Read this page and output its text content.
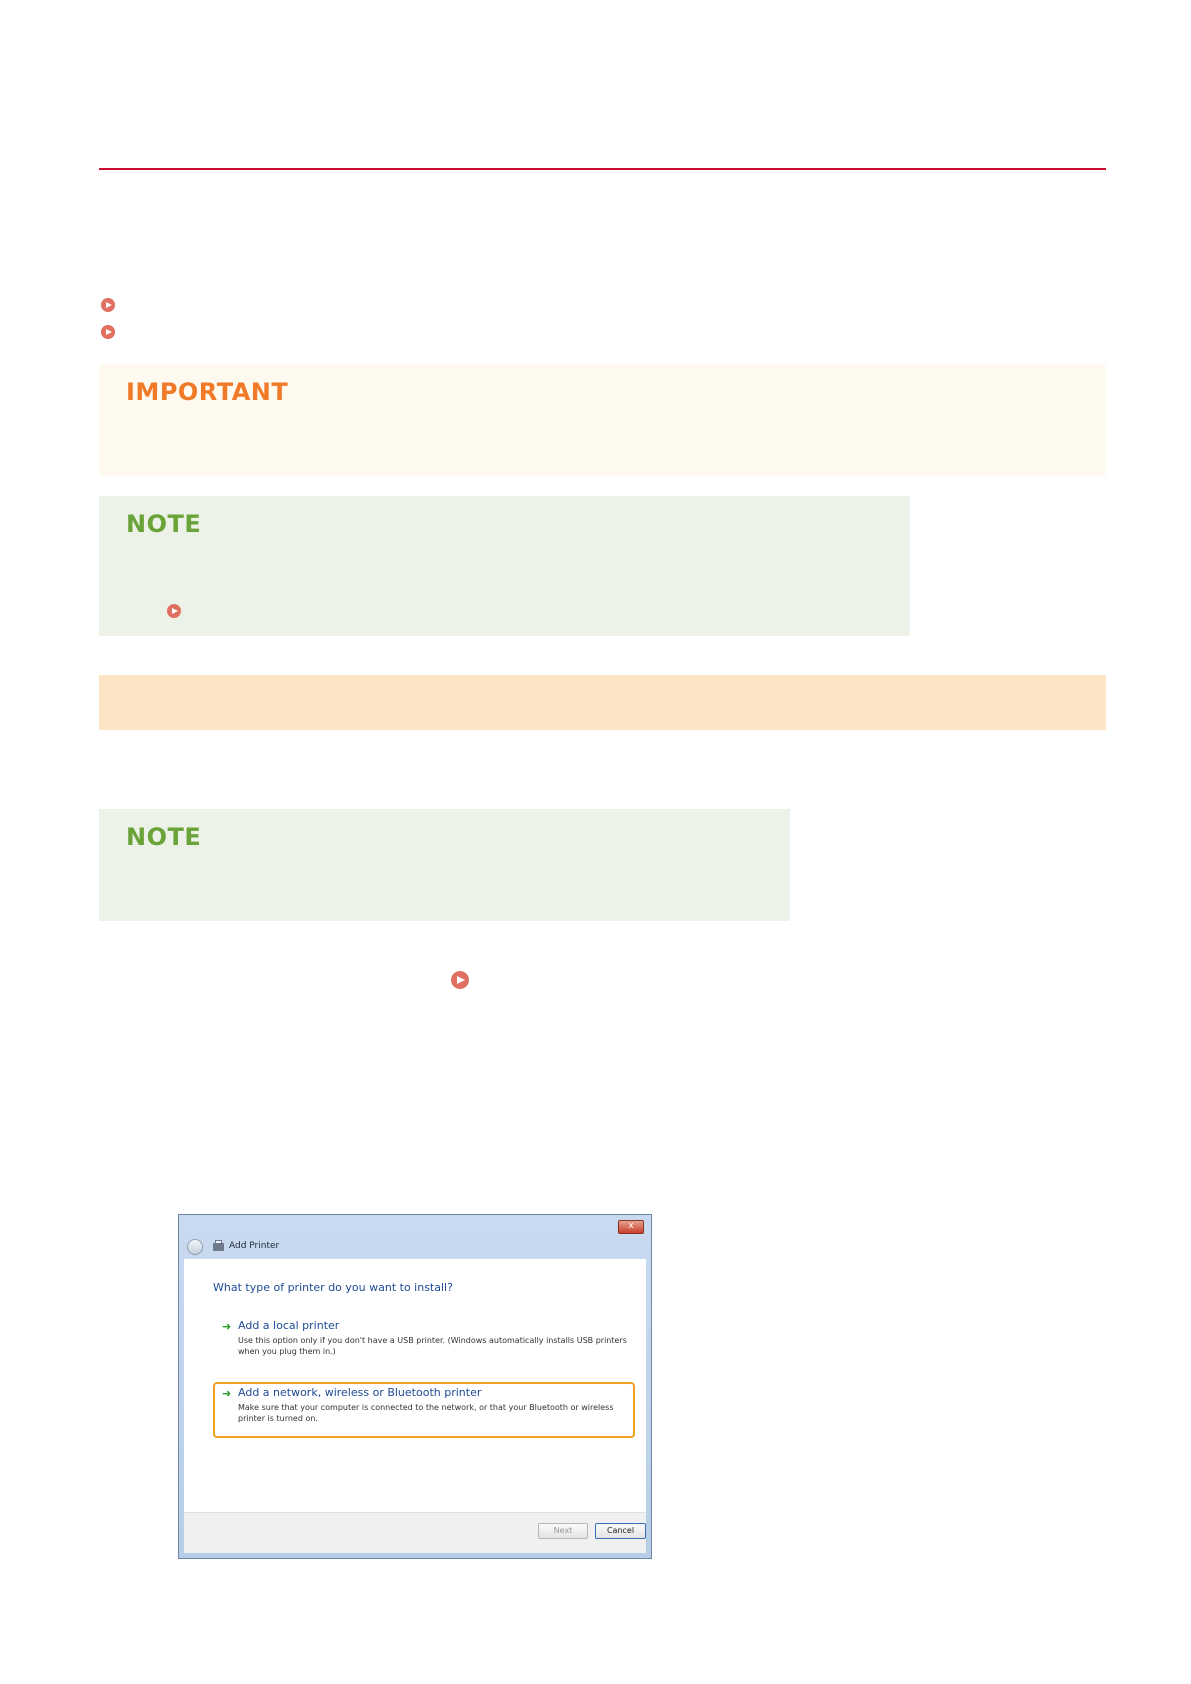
IMPORTANT
NOTE
NOTE
x
Add Printer
What type of printer do you want to install?
➜ Add a local printer
Use this option only if you don't have a USB printer. (Windows automatically installs USB printers when you plug them in.)
➜ Add a network, wireless or Bluetooth printer
Make sure that your computer is connected to the network, or that your Bluetooth or wireless printer is turned on.
Next	Cancel
